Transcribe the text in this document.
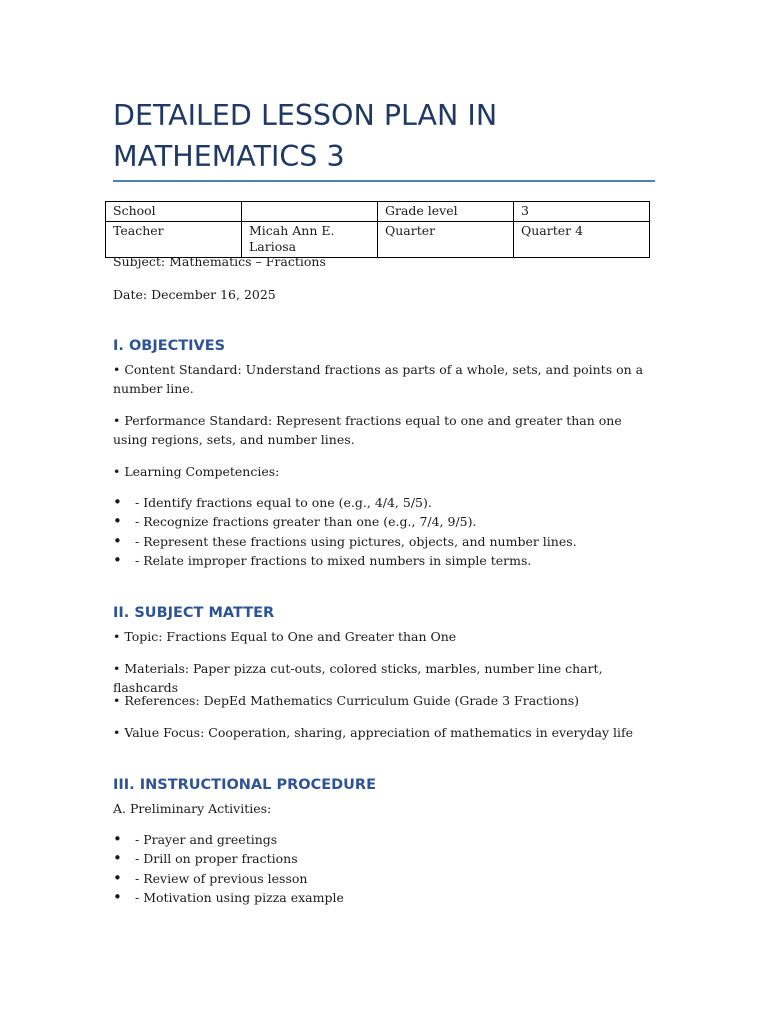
DETAILED LESSON PLAN IN MATHEMATICS 3
School		Grade level	3
Teacher	Micah Ann E. Lariosa	Quarter	Quarter 4

Subject: Mathematics – Fractions

Date: December 16, 2025

I. OBJECTIVES

• Content Standard: Understand fractions as parts of a whole, sets, and points on a number line.

• Performance Standard: Represent fractions equal to one and greater than one using regions, sets, and number lines.

• Learning Competencies:

• - Identify fractions equal to one (e.g., 4/4, 5/5).
• - Recognize fractions greater than one (e.g., 7/4, 9/5).
• - Represent these fractions using pictures, objects, and number lines.
• - Relate improper fractions to mixed numbers in simple terms.
II. SUBJECT MATTER

• Topic: Fractions Equal to One and Greater than One

• Materials: Paper pizza cut-outs, colored sticks, marbles, number line chart, flashcards

• References: DepEd Mathematics Curriculum Guide (Grade 3 Fractions)

• Value Focus: Cooperation, sharing, appreciation of mathematics in everyday life

III. INSTRUCTIONAL PROCEDURE

A. Preliminary Activities:

• - Prayer and greetings
• - Drill on proper fractions
• - Review of previous lesson
• - Motivation using pizza example
